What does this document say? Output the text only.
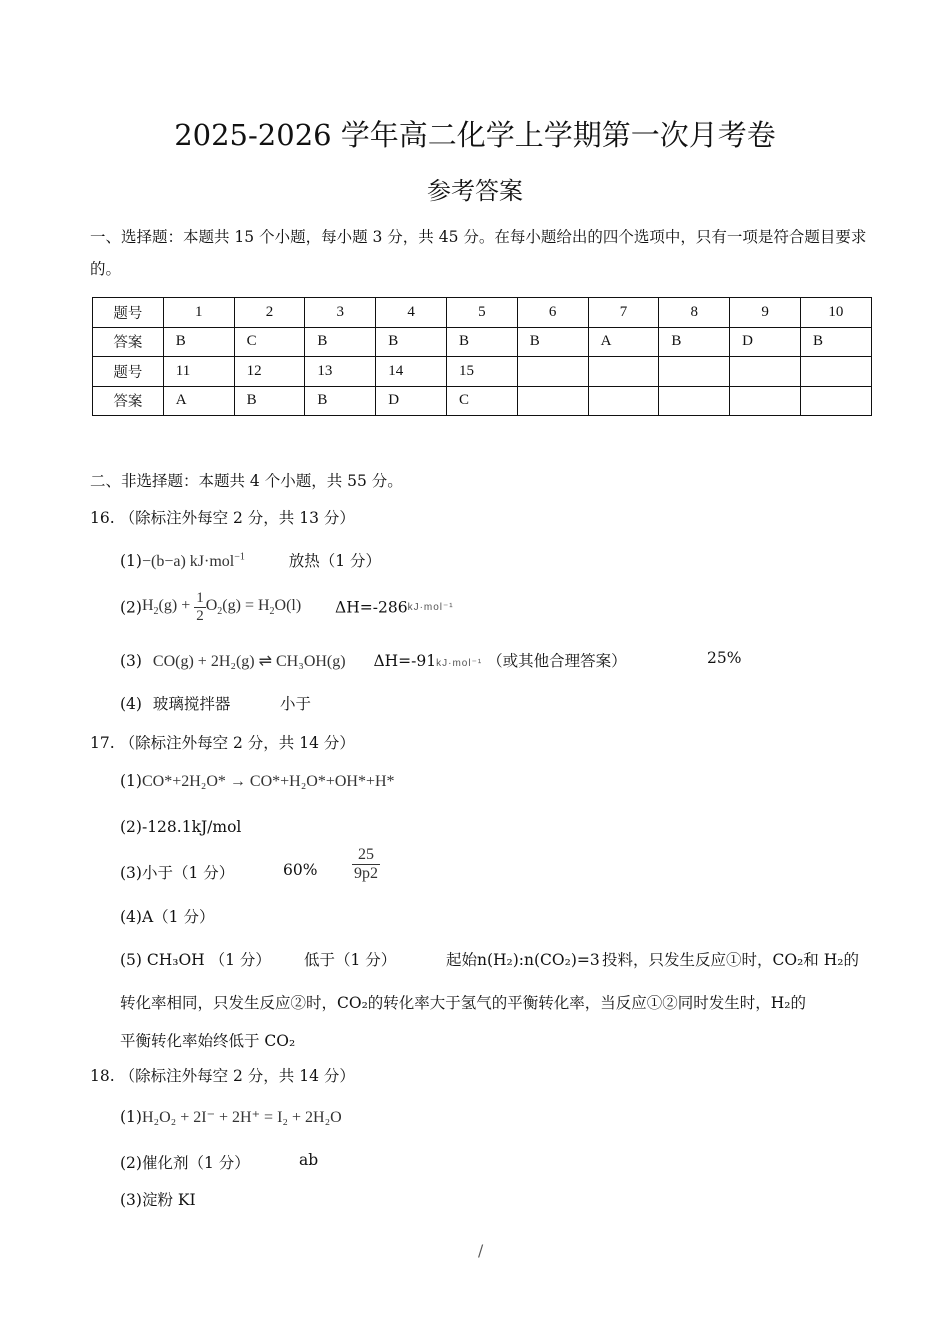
2025-2026 学年高二化学上学期第一次月考卷
参考答案
一、选择题：本题共 15 个小题，每小题 3 分，共 45 分。在每小题给出的四个选项中，只有一项是符合题目要求的。
题号	1	2	3	4	5	6	7	8	9	10
答案	B	C	B	B	B	B	A	B	D	B
题号	11	12	13	14	15					
答案	A	B	B	D	C					
二、非选择题：本题共 4 个小题，共 55 分。
16. （除标注外每空 2 分，共 13 分）
(1)−(b−a) kJ·mol$^{-1}$	放热（1 分）
$(2)H_2(g) + \frac{1}{2} O_2(g) = H_2O(l)$ ΔH=-286kJ·mol⁻¹
(3) CO(g) + 2H₂(g) ⇌ CH₃OH(g) ΔH=-91kJ·mol⁻¹ （或其他合理答案）	25%
(4) 玻璃搅拌器	小于
17. （除标注外每空 2 分，共 14 分）
(1)CO*+2H₂O* → CO*+H₂O*+OH*+H*
(2)-128.1kJ/mol
(3)小于（1 分）	$60\% \frac{25}{9p2}$
(4)A（1 分）
(5) CH₃OH （1 分） 低于（1 分）	起始n(H₂):n(CO₂)=3 投料，只发生反应①时，CO₂和 H₂的
转化率相同，只发生反应②时，CO₂的转化率大于氢气的平衡转化率，当反应①②同时发生时，H₂的
平衡转化率始终低于 CO₂
18. （除标注外每空 2 分，共 14 分）
(1)H₂O₂ + 2I⁻ + 2H⁺ = I₂ + 2H₂O
(2)催化剂（1 分）	ab
(3)淀粉 KI
/
